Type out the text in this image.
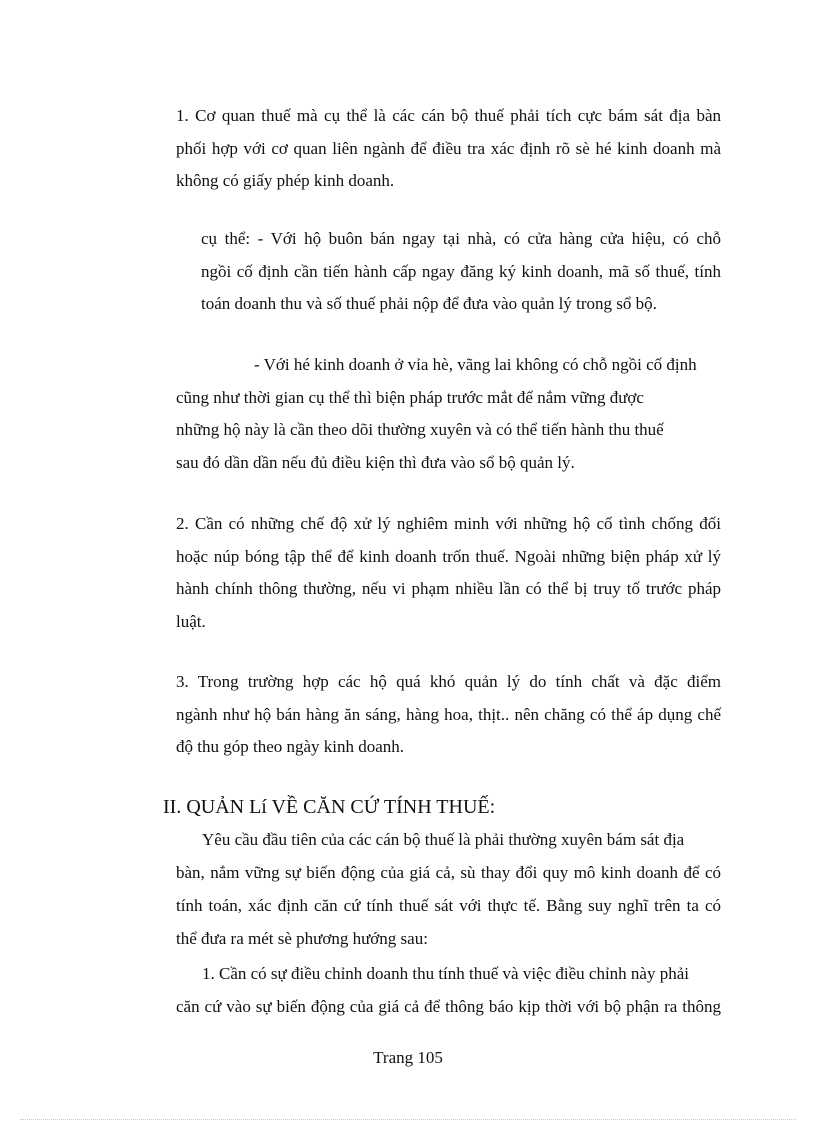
1. Cơ quan thuế mà cụ thể là các cán bộ thuế phải tích cực bám sát địa bàn
phối hợp với cơ quan liên ngành để điều tra xác định rõ sè hé kinh doanh mà
không có giấy phép kinh doanh.
cụ thể: - Với hộ buôn bán ngay tại nhà, có cửa hàng cửa hiệu, có chỗ
ngồi cố định cần tiến hành cấp ngay đăng ký kinh doanh, mã số thuế, tính
toán doanh thu và số thuế phải nộp để đưa vào quản lý trong sổ bộ.
- Với hé kinh doanh ở vỉa hè, vãng lai không có chỗ ngồi cố định
cũng như thời gian cụ thể thì biện pháp trước mắt để nắm vững được
những hộ này là cần theo dõi thường xuyên và có thể tiến hành thu thuế
sau đó dần dần nếu đủ điều kiện thì đưa vào sổ bộ quản lý.
2. Cần có những chế độ xử lý nghiêm minh với những hộ cố tình chống đối
hoặc núp bóng tập thể để kinh doanh trốn thuế. Ngoài những biện pháp xử lý
hành chính thông thường, nếu vi phạm nhiều lần có thể bị truy tố trước pháp
luật.
3. Trong trường hợp các hộ quá khó quản lý do tính chất và đặc điểm
ngành như hộ bán hàng ăn sáng, hàng hoa, thịt.. nên chăng có thể áp dụng chế
độ thu góp theo ngày kinh doanh.
II. QUẢN Lí VỀ CĂN CỨ TÍNH THUẾ:
Yêu cầu đầu tiên của các cán bộ thuế là phải thường xuyên bám sát địa
bàn, nắm vững sự biến động của giá cả, sù thay đổi quy mô kinh doanh để có
tính toán, xác định căn cứ tính thuế sát với thực tế. Bằng suy nghĩ trên ta có
thể đưa ra mét sè phương hướng sau:
1. Cần có sự điều chỉnh doanh thu tính thuế và việc điều chỉnh này phải
căn cứ vào sự biến động của giá cả để thông báo kịp thời với bộ phận ra thông
Trang 105
